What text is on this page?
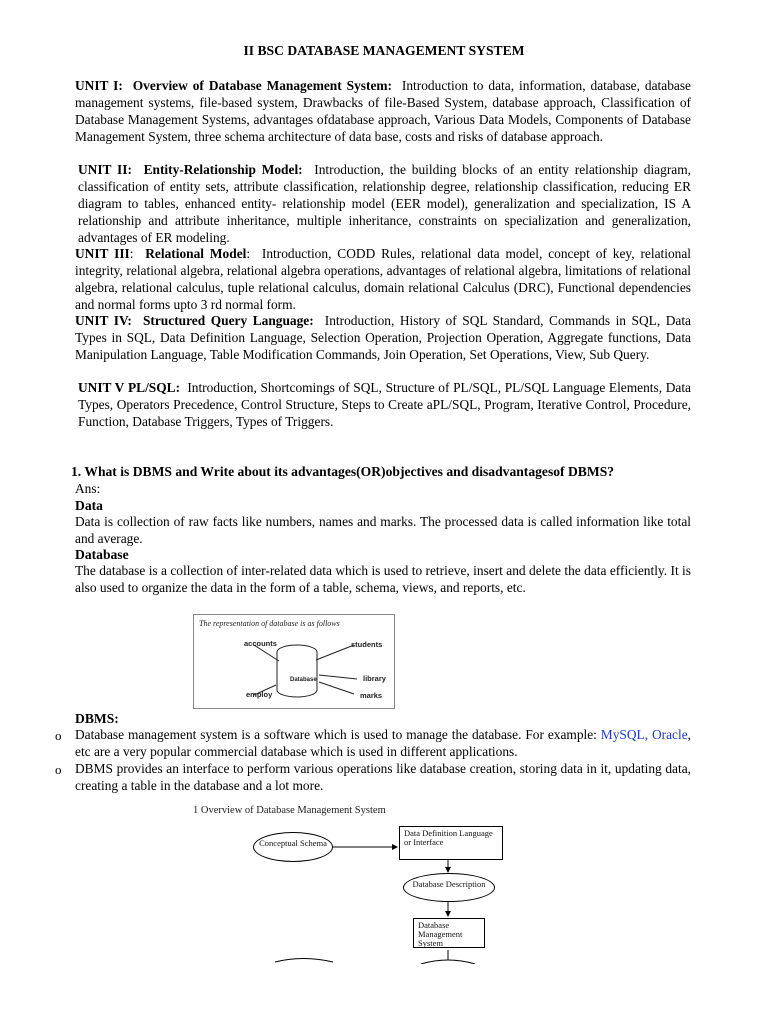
II BSC DATABASE MANAGEMENT SYSTEM
UNIT I: Overview of Database Management System: Introduction to data, information, database, database management systems, file-based system, Drawbacks of file-Based System, database approach, Classification of Database Management Systems, advantages ofdatabase approach, Various Data Models, Components of Database Management System, three schema architecture of data base, costs and risks of database approach.
UNIT II: Entity-Relationship Model: Introduction, the building blocks of an entity relationship diagram, classification of entity sets, attribute classification, relationship degree, relationship classification, reducing ER diagram to tables, enhanced entity- relationship model (EER model), generalization and specialization, IS A relationship and attribute inheritance, multiple inheritance, constraints on specialization and generalization, advantages of ER modeling.
UNIT III:  Relational Model:  Introduction, CODD Rules, relational data model, concept of key, relational integrity, relational algebra, relational algebra operations, advantages of relational algebra, limitations of relational algebra, relational calculus, tuple relational calculus, domain relational Calculus (DRC), Functional dependencies and normal forms upto 3 rd normal form.
UNIT IV: Structured Query Language: Introduction, History of SQL Standard, Commands in SQL, Data Types in SQL, Data Definition Language, Selection Operation, Projection Operation, Aggregate functions, Data Manipulation Language, Table Modification Commands, Join Operation, Set Operations, View, Sub Query.
UNIT V PL/SQL: Introduction, Shortcomings of SQL, Structure of PL/SQL, PL/SQL Language Elements, Data Types, Operators Precedence, Control Structure, Steps to Create aPL/SQL, Program, Iterative Control, Procedure, Function, Database Triggers, Types of Triggers.
1. What is DBMS and Write about its advantages(OR)objectives and disadvantagesof DBMS?
Ans:
Data
Data is collection of raw facts like numbers, names and marks. The processed data is called information like total and average.
Database
The database is a collection of inter-related data which is used to retrieve, insert and delete the data efficiently. It is also used to organize the data in the form of a table, schema, views, and reports, etc.
The representation of database is as follows
Database
accounts	students
library
employ	marks
DBMS:
o Database management system is a software which is used to manage the database. For example: MySQL, Oracle, etc are a very popular commercial database which is used in different applications.
o DBMS provides an interface to perform various operations like database creation, storing data in it, updating data, creating a table in the database and a lot more.
1 Overview of Database Management System
Conceptual Schema
Data Definition Language or Interface
Database Description
Database Management System
